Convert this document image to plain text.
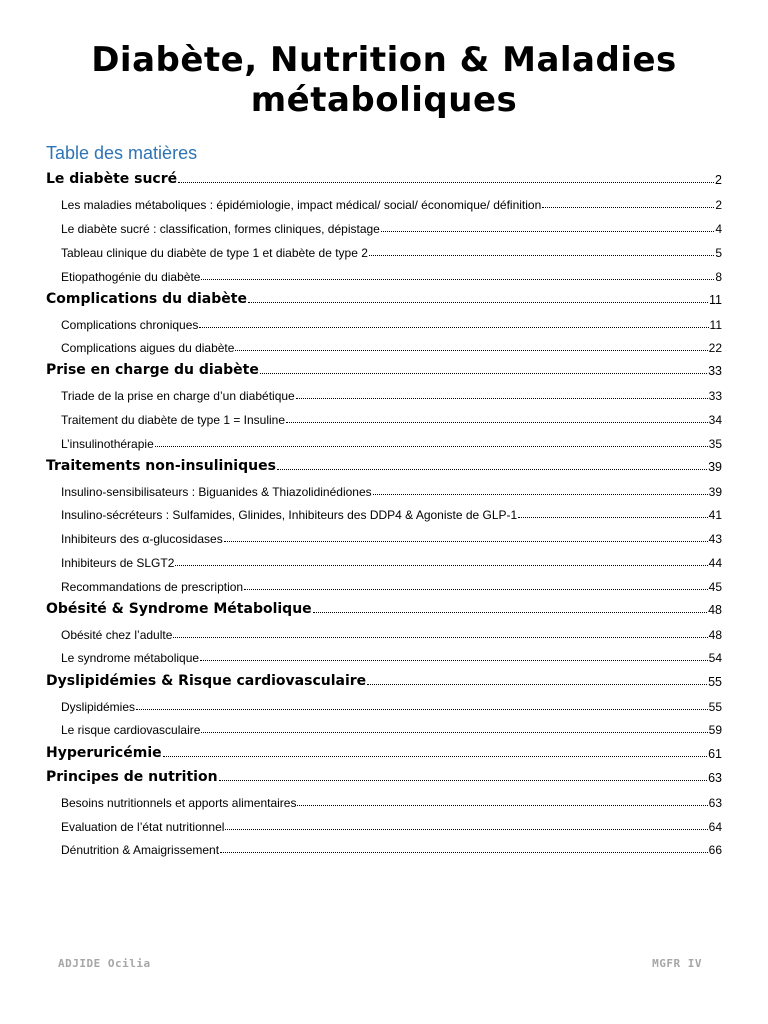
Diabète, Nutrition & Maladies
métaboliques
Table des matières
Le diabète sucré	2
Les maladies métaboliques : épidémiologie, impact médical/ social/ économique/ définition	2
Le diabète sucré : classification, formes cliniques, dépistage	4
Tableau clinique du diabète de type 1 et diabète de type 2	5
Etiopathogénie du diabète	8
Complications du diabète	11
Complications chroniques	11
Complications aigues du diabète	22
Prise en charge du diabète	33
Triade de la prise en charge d’un diabétique	33
Traitement du diabète de type 1 = Insuline	34
L’insulinothérapie	35
Traitements non-insuliniques	39
Insulino-sensibilisateurs : Biguanides & Thiazolidinédiones	39
Insulino-sécréteurs : Sulfamides, Glinides, Inhibiteurs des DDP4 & Agoniste de GLP-1	41
Inhibiteurs des α-glucosidases	43
Inhibiteurs de SLGT2	44
Recommandations de prescription	45
Obésité & Syndrome Métabolique	48
Obésité chez l’adulte	48
Le syndrome métabolique	54
Dyslipidémies & Risque cardiovasculaire	55
Dyslipidémies	55
Le risque cardiovasculaire	59
Hyperuricémie	61
Principes de nutrition	63
Besoins nutritionnels et apports alimentaires	63
Evaluation de l’état nutritionnel	64
Dénutrition & Amaigrissement	66
ADJIDE Ocilia	MGFR IV
